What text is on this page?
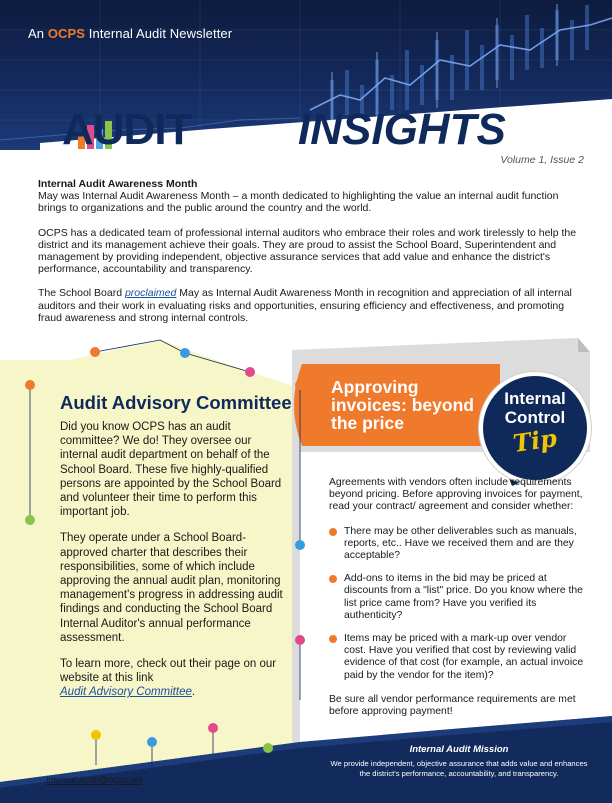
An OCPS Internal Audit Newsletter
AUDIT INSIGHTS
Volume 1, Issue 2
Internal Audit Awareness Month

May was Internal Audit Awareness Month – a month dedicated to highlighting the value an internal audit function brings to organizations and the public around the country and the world.

OCPS has a dedicated team of professional internal auditors who embrace their roles and work tirelessly to help the district and its management achieve their goals. They are proud to assist the School Board, Superintendent and management by providing independent, objective assurance services that add value and enhance the district's performance, accountability and transparency.

The School Board proclaimed May as Internal Audit Awareness Month in recognition and appreciation of all internal auditors and their work in evaluating risks and opportunities, ensuring efficiency and effectiveness, and promoting fraud awareness and strong internal controls.

Audit Advisory Committee

Did you know OCPS has an audit committee? We do! They oversee our internal audit department on behalf of the School Board. These five highly-qualified persons are appointed by the School Board and volunteer their time to perform this important job.

They operate under a School Board-approved charter that describes their responsibilities, some of which include approving the annual audit plan, monitoring management's progress in addressing audit findings and conducting the School Board Internal Auditor's annual performance assessment.

To learn more, check out their page on our website at this link
Audit Advisory Committee.

Approving invoices: beyond the price
Internal
Control
Tip

Agreements with vendors often include requirements beyond pricing. Before approving invoices for payment, read your contract/ agreement and consider whether:

There may be other deliverables such as manuals, reports, etc.. Have we received them and are they acceptable?
Add-ons to items in the bid may be priced at discounts from a "list" price. Do you know where the list price came from? Have you verified its authenticity?
Items may be priced with a mark-up over vendor cost. Have you verified that cost by reviewing valid evidence of that cost (for example, an actual invoice paid by the vendor for the item)?

Be sure all vendor performance requirements are met before approving payment!

Internal.Audit@ocps.net
Internal Audit Mission
We provide independent, objective assurance that adds value and enhances the district's performance, accountability, and transparency.
